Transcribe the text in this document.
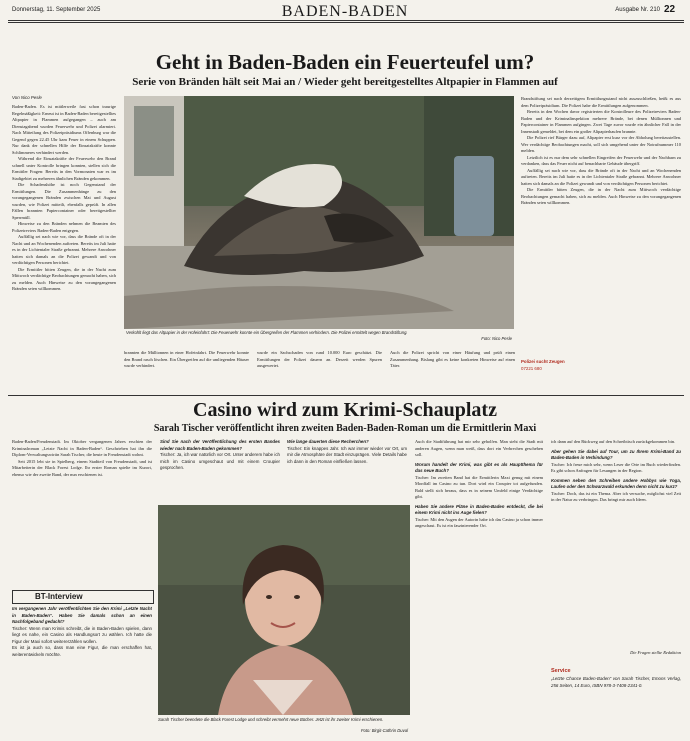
Donnerstag, 11. September 2025	BADEN-BADEN	Ausgabe Nr. 210 22
Geht in Baden-Baden ein Feuerteufel um?
Serie von Bränden hält seit Mai an / Wieder geht bereitgestelltes Altpapier in Flammen auf
Von Nico Pesle

Baden-Baden. Es ist mittlerweile fast schon traurige Regelmäßigkeit: Erneut ist in Baden-Baden bereitgestelltes Altpapier in Flammen aufgegangen – auch am Dienstagabend wurden Feuerwehr und Polizei alarmiert. Nach Mitteilung des Polizeipräsidiums Offenburg war die Gegend gegen 22.45 Uhr kam Feuer in einem Schuppen. Nur dank der schnellen Hilfe der Einsatzkräfte konnte Schlimmeres verhindert werden.

Während die Einsatzkräfte der Feuerwehr den Brand schnell unter Kontrolle bringen konnten, stellen sich die Ermittler Fragen: Bereits in den Vormonaten war es im Stadtgebiet zu mehreren ähnlichen Bränden gekommen.

Die Schadenshöhe ist noch Gegenstand der Ermittlungen. Die Zusammenhänge zu den vorangegangenen Bränden zwischen Mai und August wurden, wie Polizei mitteilt, ebenfalls geprüft. In allen Fällen brannten Papiercontainer oder bereitgestellter Sperrmüll.

Hinweise zu den Bränden nehmen die Beamten des Polizeireviers Baden-Baden entgegen.

Auffällig sei nach wie vor, dass die Brände oft in der Nacht und an Wochenenden auftreten. Bereits im Juli hatte es in der Lichtentaler Straße gebrannt. Mehrere Anwohner hatten sich damals an die Polizei gewandt und von verdächtigen Personen berichtet.

Die Ermittler bitten Zeugen, die in der Nacht zum Mittwoch verdächtige Beobachtungen gemacht haben, sich zu melden. Auch Hinweise zu den vorangegangenen Bränden seien willkommen.

Verkohlt liegt das Altpapier in der Hofeinfahrt: Die Feuerwehr konnte ein Übergreifen der Flammen verhindern. Die Polizei ermittelt wegen Brandstiftung.
Foto: Nico Pesle

Brandstiftung sei nach derzeitigem Ermittlungsstand nicht auszuschließen, heißt es aus dem Polizeipräsidium. Die Polizei habe die Ermittlungen aufgenommen.

Bereits in den Wochen davor registrierten die Kontrolleure des Polizeireviers Baden-Baden und der Kriminalinspektion mehrere Brände, bei denen Mülltonnen und Papiercontainer in Flammen aufgingen. Zwei Tage zuvor wurde ein ähnlicher Fall in der Innenstadt gemeldet, bei dem ein großer Altpapierhaufen brannte.

Die Polizei rief Bürger dazu auf, Altpapier erst kurz vor der Abholung bereitzustellen. Wer verdächtige Beobachtungen macht, soll sich umgehend unter der Notrufnummer 110 melden.

Letztlich ist es nur dem sehr schnellen Eingreifen der Feuerwehr und der Nachbarn zu verdanken, dass das Feuer nicht auf benachbarte Gebäude übergriff.

Auffällig sei nach wie vor, dass die Brände oft in der Nacht und an Wochenenden auftreten. Bereits im Juli hatte es in der Lichtentaler Straße gebrannt. Mehrere Anwohner hatten sich damals an die Polizei gewandt und von verdächtigen Personen berichtet.

Die Ermittler bitten Zeugen, die in der Nacht zum Mittwoch verdächtige Beobachtungen gemacht haben, sich zu melden. Auch Hinweise zu den vorangegangenen Bränden seien willkommen.

Polizei sucht Zeugen
07221 680
brannten die Mülltonnen in einer Hofeinfahrt. Die Feuerwehr konnte den Brand rasch löschen. Ein Übergreifen auf die umliegenden Häuser wurde verhindert.
wurde ein Sachschaden von rund 10.000 Euro geschätzt. Die Ermittlungen der Polizei dauern an. Derzeit werden Spuren ausgewertet.
Auch die Polizei spricht von einer Häufung und prüft einen Zusammenhang. Bislang gibt es keine konkreten Hinweise auf einen Täter.
Casino wird zum Krimi-Schauplatz
Sarah Tischer veröffentlicht ihren zweiten Baden-Baden-Roman um die Ermittlerin Maxi

Baden-Baden/Freudenstadt. Im Oktober vergangenen Jahres erschien der Kriminalroman „Letzte Nacht in Baden-Baden“. Geschrieben hat ihn die Diplom-Verwaltungswirtin Sarah Tischer, die heute in Freudenstadt wohnt.

Seit 2015 lebt sie in Spielberg, einem Stadtteil von Freudenstadt, und ist Mitarbeiterin der Black Forest Lodge. Ihr erster Roman spielte im Kurort, ebenso wie der zweite Band, der nun erschienen ist.

BT-Interview

Im vergangenen Jahr veröffentlichten Sie den Krimi „Letzte Nacht in Baden-Baden“. Haben Sie damals schon an einen Nachfolgeband gedacht?

Tischer: Wenn man Krimis schreibt, die in Baden-Baden spielen, dann liegt es nahe, ein Casino als Handlungsort zu wählen. Ich hatte die Figur der Maxi sofort weitererzählen wollen.

Es ist ja auch so, dass man eine Figur, die man erschaffen hat, weiterentwickeln möchte.

Sind Sie nach der Veröffentlichung des ersten Bandes wieder nach Baden-Baden gekommen?

Tischer: Ja, ich war natürlich vor Ort. Unter anderem habe ich mich im Casino umgeschaut und mit einem Croupier gesprochen.

Wie lange dauerten diese Recherchen?

Tischer: Ein knappes Jahr. Ich war immer wieder vor Ort, um mir die Atmosphäre der Stadt einzuprägen. Viele Details habe ich dann in den Roman einfließen lassen.

Sarah Tischer beendete die Black Forest Lodge und schreibt vermehrt neue Bücher. Jetzt ist ihr zweiter Krimi erschienen.
Foto: Birgit-Cathrin Duval

Auch die Stadtführung hat mir sehr geholfen. Man sieht die Stadt mit anderen Augen, wenn man weiß, dass dort ein Verbrechen geschehen soll.

Worum handelt der Krimi, was gibt es als Hauptthema für das neue Buch?

Tischer: Im zweiten Band hat die Ermittlerin Maxi genug mit einem Mordfall im Casino zu tun. Dort wird ein Croupier tot aufgefunden. Bald stellt sich heraus, dass es in seinem Umfeld einige Verdächtige gibt.

Haben Sie andere Pläne in Baden-Baden entdeckt, die bei einem Krimi nicht ins Auge fielen?

Tischer: Mit den Augen der Autorin habe ich das Casino ja schon immer angeschaut. Es ist ein faszinierender Ort.

ich dann auf den Rückweg auf den Schreibtisch zurückgekommen bin.

Aber gehen Sie dabei auf Tour, um zu Ihrem Krimi-Band zu Baden-Baden in Verbindung?

Tischer: Ich freue mich sehr, wenn Leser die Orte im Buch wiederfinden. Es gibt schon Anfragen für Lesungen in der Region.

Kommen neben den Schreiben andere Hobbys wie Yoga, Laufen oder den Schwarzwald erkunden denn nicht zu kurz?

Tischer: Doch, das ist ein Thema. Aber ich versuche, möglichst viel Zeit in der Natur zu verbringen. Das bringt mir auch Ideen.

Die Fragen stellte Redaktion
Service
„Letzte Chance Baden-Baden“ von Sarah Tischer, Emons Verlag, 256 Seiten, 14 Euro, ISBN 978-3-7408-2341-0.
